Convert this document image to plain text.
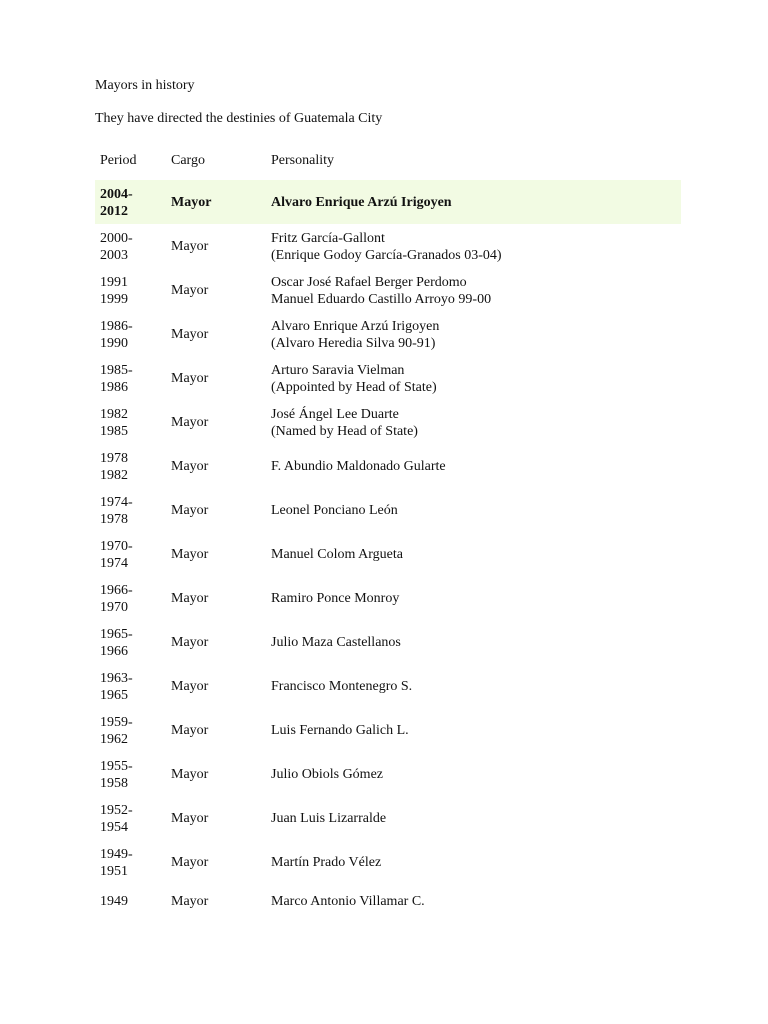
Mayors in history

They have directed the destinies of Guatemala City

Period	Cargo	Personality
2004-
2012	Mayor	Alvaro Enrique Arzú Irigoyen
2000-
2003	Mayor	Fritz García-Gallont
(Enrique Godoy García-Granados 03-04)
1991
1999	Mayor	Oscar José Rafael Berger Perdomo
Manuel Eduardo Castillo Arroyo 99-00
1986-
1990	Mayor	Alvaro Enrique Arzú Irigoyen
(Alvaro Heredia Silva 90-91)
1985-
1986	Mayor	Arturo Saravia Vielman
(Appointed by Head of State)
1982
1985	Mayor	José Ángel Lee Duarte
(Named by Head of State)
1978
1982	Mayor	F. Abundio Maldonado Gularte
1974-
1978	Mayor	Leonel Ponciano León
1970-
1974	Mayor	Manuel Colom Argueta
1966-
1970	Mayor	Ramiro Ponce Monroy
1965-
1966	Mayor	Julio Maza Castellanos
1963-
1965	Mayor	Francisco Montenegro S.
1959-
1962	Mayor	Luis Fernando Galich L.
1955-
1958	Mayor	Julio Obiols Gómez
1952-
1954	Mayor	Juan Luis Lizarralde
1949-
1951	Mayor	Martín Prado Vélez
1949	Mayor	Marco Antonio Villamar C.
